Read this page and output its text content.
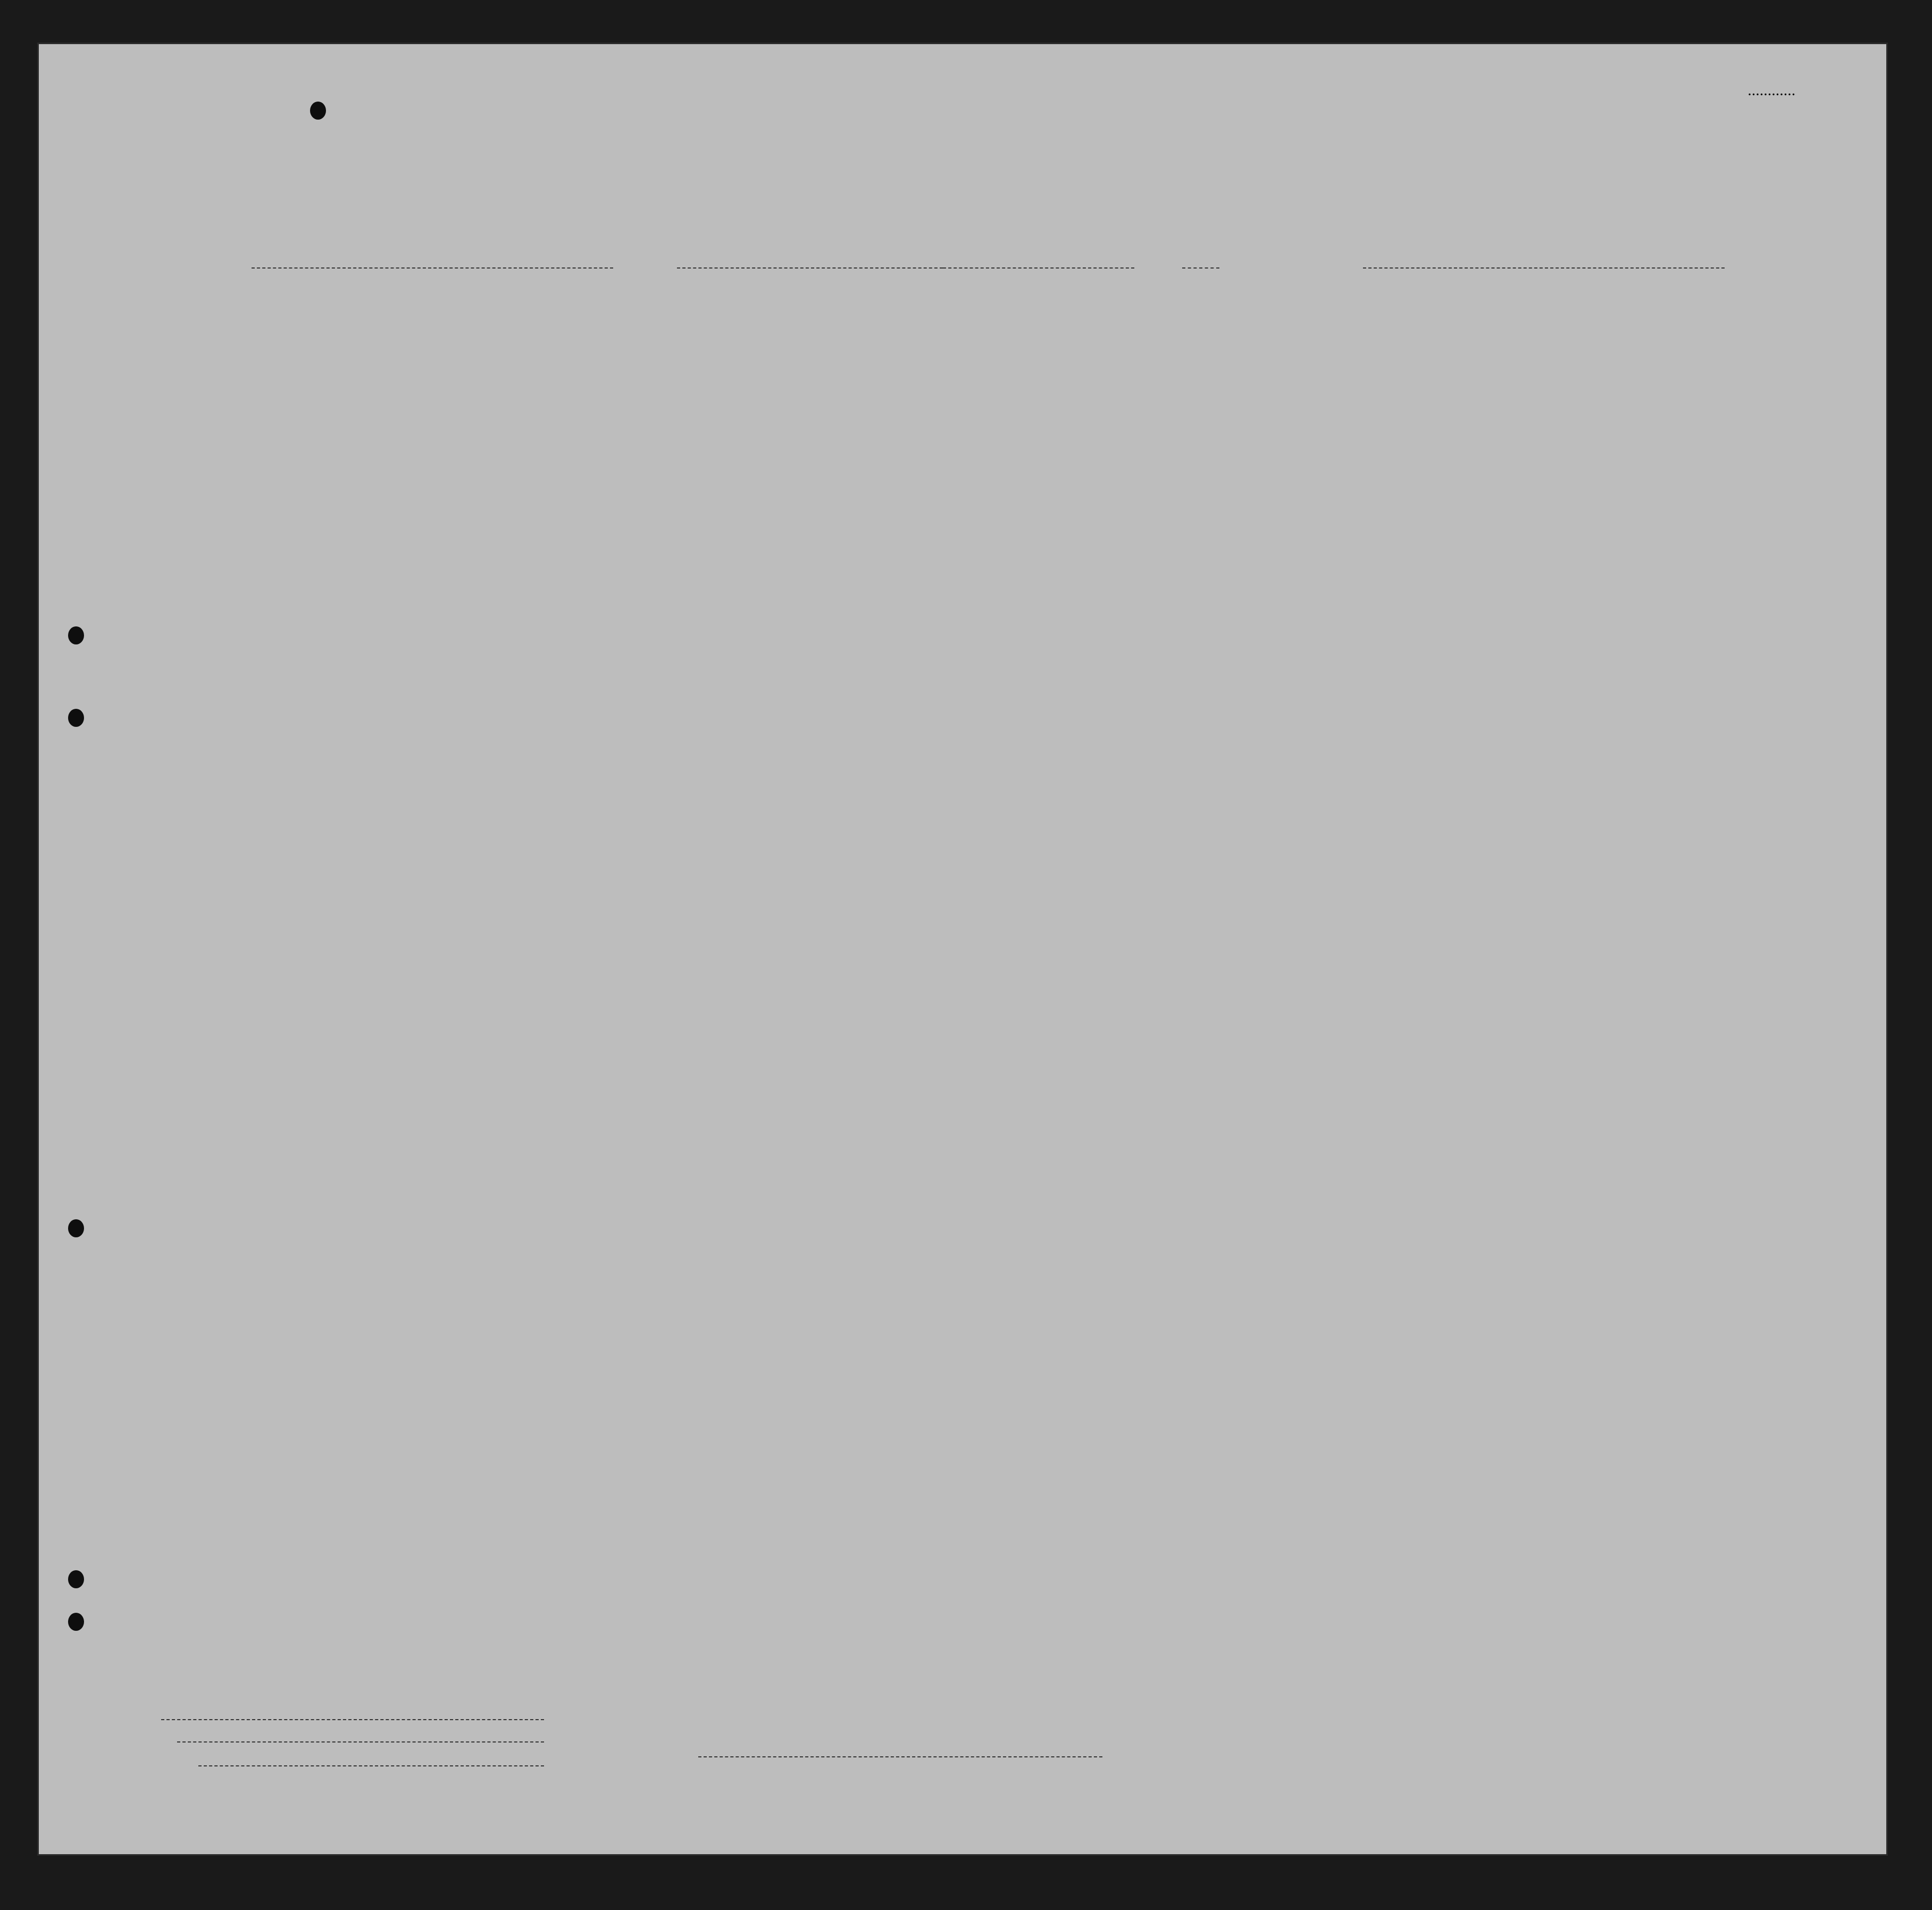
............
